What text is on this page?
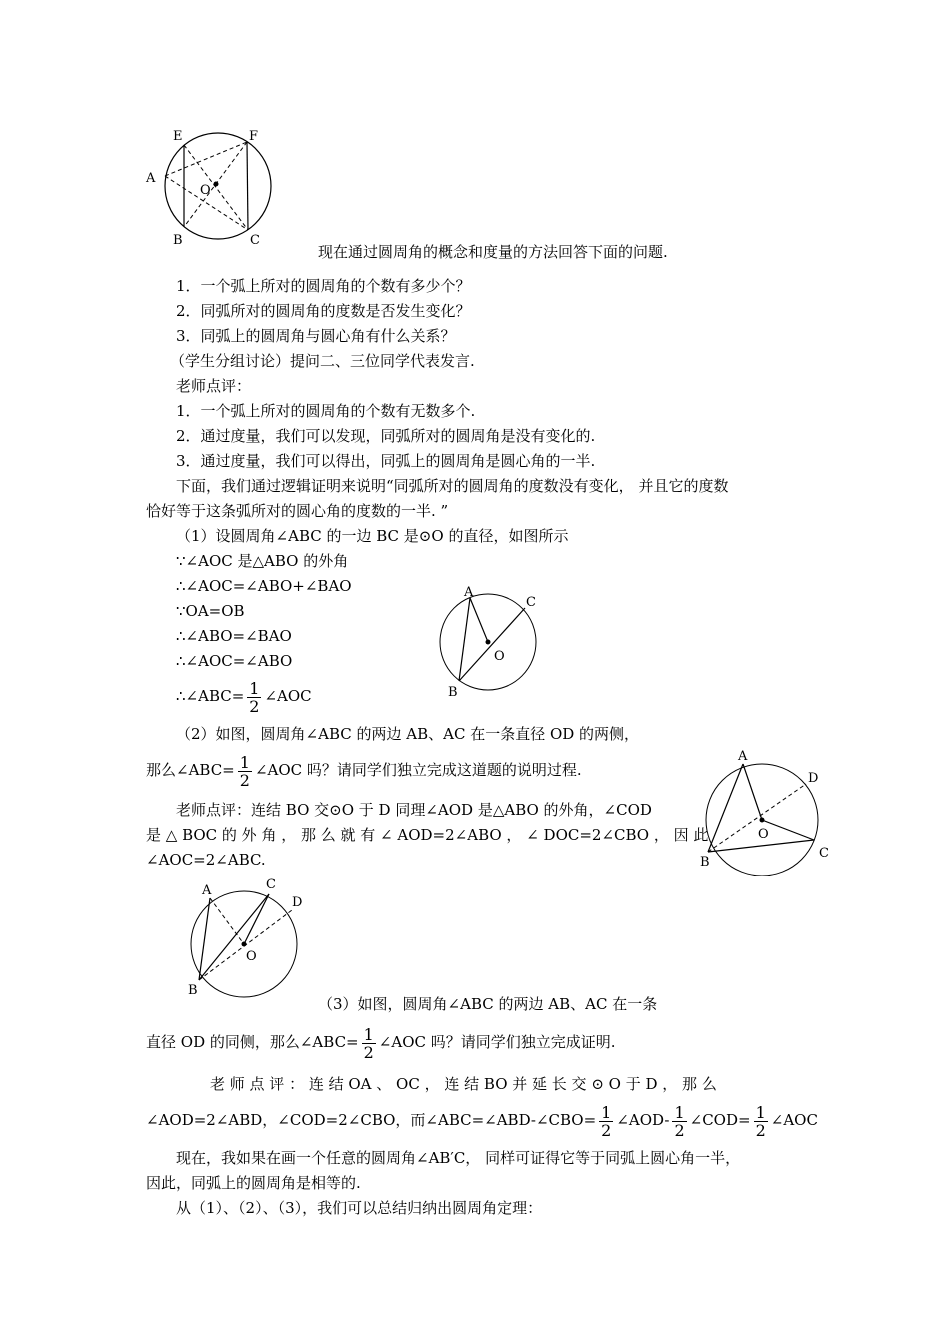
E	F
A
O
B	C
现在通过圆周角的概念和度量的方法回答下面的问题.
1．一个弧上所对的圆周角的个数有多少个？
2．同弧所对的圆周角的度数是否发生变化？
3．同弧上的圆周角与圆心角有什么关系？
（学生分组讨论）提问二、三位同学代表发言.
老师点评：
1．一个弧上所对的圆周角的个数有无数多个.
2．通过度量，我们可以发现，同弧所对的圆周角是没有变化的.
3．通过度量，我们可以得出，同弧上的圆周角是圆心角的一半.
下面，我们通过逻辑证明来说明“同弧所对的圆周角的度数没有变化， 并且它的度数
恰好等于这条弧所对的圆心角的度数的一半. ”
（1）设圆周角∠ABC 的一边 BC 是⊙O 的直径，如图所示
∵∠AOC 是△ABO 的外角
∴∠AOC=∠ABO+∠BAO
∵OA=OB
∴∠ABO=∠BAO
∴∠AOC=∠ABO
∴∠ABC= $\frac{1}{2}$ ∠AOC
A
C
O
B
（2）如图，圆周角∠ABC 的两边 AB、AC 在一条直径 OD 的两侧，
那么∠ABC= $\frac{1}{2}$ ∠AOC 吗？请同学们独立完成这道题的说明过程.
老师点评：连结 BO 交⊙O 于 D 同理∠AOD 是△ABO 的外角，∠COD
是 △ BOC 的 外 角 ， 那 么 就 有 ∠ AOD=2∠ABO ， ∠ DOC=2∠CBO ， 因 此
∠AOC=2∠ABC.
A
D
O
B
C
A	C
D
O
B
（3）如图，圆周角∠ABC 的两边 AB、AC 在一条
直径 OD 的同侧，那么∠ABC= $\frac{1}{2}$ ∠AOC 吗？请同学们独立完成证明.
老 师 点 评 ： 连 结 OA 、 OC ， 连 结 BO 并 延 长 交 ⊙ O 于 D ， 那 么
∠AOD=2∠ABD，∠COD=2∠CBO，而∠ABC=∠ABD-∠CBO= $\frac{1}{2}$ ∠AOD- $\frac{1}{2}$ ∠COD= $\frac{1}{2}$ ∠AOC
现在，我如果在画一个任意的圆周角∠AB′C， 同样可证得它等于同弧上圆心角一半，
因此，同弧上的圆周角是相等的.
从（1）、（2）、（3），我们可以总结归纳出圆周角定理：
